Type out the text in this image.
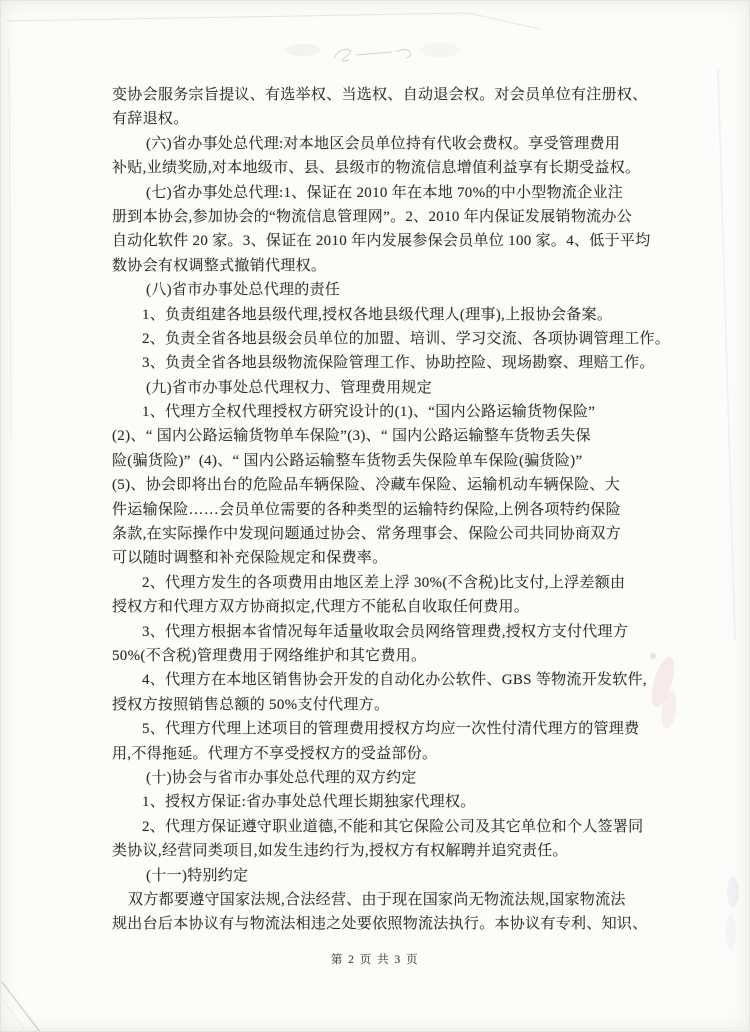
变协会服务宗旨提议、有选举权、当选权、自动退会权。对会员单位有注册权、
有辞退权。
(六)省办事处总代理:对本地区会员单位持有代收会费权。享受管理费用
补贴,业绩奖励,对本地级市、县、县级市的物流信息增值利益享有长期受益权。
(七)省办事处总代理:1、保证在 2010 年在本地 70%的中小型物流企业注
册到本协会,参加协会的“物流信息管理网”。2、2010 年内保证发展销物流办公
自动化软件 20 家。3、保证在 2010 年内发展参保会员单位 100 家。4、低于平均
数协会有权调整式撤销代理权。
(八)省市办事处总代理的责任
1、负责组建各地县级代理,授权各地县级代理人(理事),上报协会备案。
2、负责全省各地县级会员单位的加盟、培训、学习交流、各项协调管理工作。
3、负责全省各地县级物流保险管理工作、协助控险、现场勘察、理赔工作。
(九)省市办事处总代理权力、管理费用规定
1、代理方全权代理授权方研究设计的(1)、“国内公路运输货物保险”
(2)、“ 国内公路运输货物单车保险”(3)、“ 国内公路运输整车货物丢失保
险(骗货险)”  (4)、“ 国内公路运输整车货物丢失保险单车保险(骗货险)”
(5)、协会即将出台的危险品车辆保险、冷藏车保险、运输机动车辆保险、大
件运输保险……会员单位需要的各种类型的运输特约保险,上例各项特约保险
条款,在实际操作中发现问题通过协会、常务理事会、保险公司共同协商双方
可以随时调整和补充保险规定和保费率。
2、代理方发生的各项费用由地区差上浮 30%(不含税)比支付,上浮差额由
授权方和代理方双方协商拟定,代理方不能私自收取任何费用。
3、代理方根据本省情况每年适量收取会员网络管理费,授权方支付代理方
50%(不含税)管理费用于网络维护和其它费用。
4、代理方在本地区销售协会开发的自动化办公软件、GBS 等物流开发软件,
授权方按照销售总额的 50%支付代理方。
5、代理方代理上述项目的管理费用授权方均应一次性付清代理方的管理费
用,不得拖延。代理方不享受授权方的受益部份。
(十)协会与省市办事处总代理的双方约定
1、授权方保证:省办事处总代理长期独家代理权。
2、代理方保证遵守职业道德,不能和其它保险公司及其它单位和个人签署同
类协议,经营同类项目,如发生违约行为,授权方有权解聘并追究责任。
(十一)特别约定
双方都要遵守国家法规,合法经营、由于现在国家尚无物流法规,国家物流法
规出台后本协议有与物流法相违之处要依照物流法执行。本协议有专利、知识、
第 2 页 共 3 页
